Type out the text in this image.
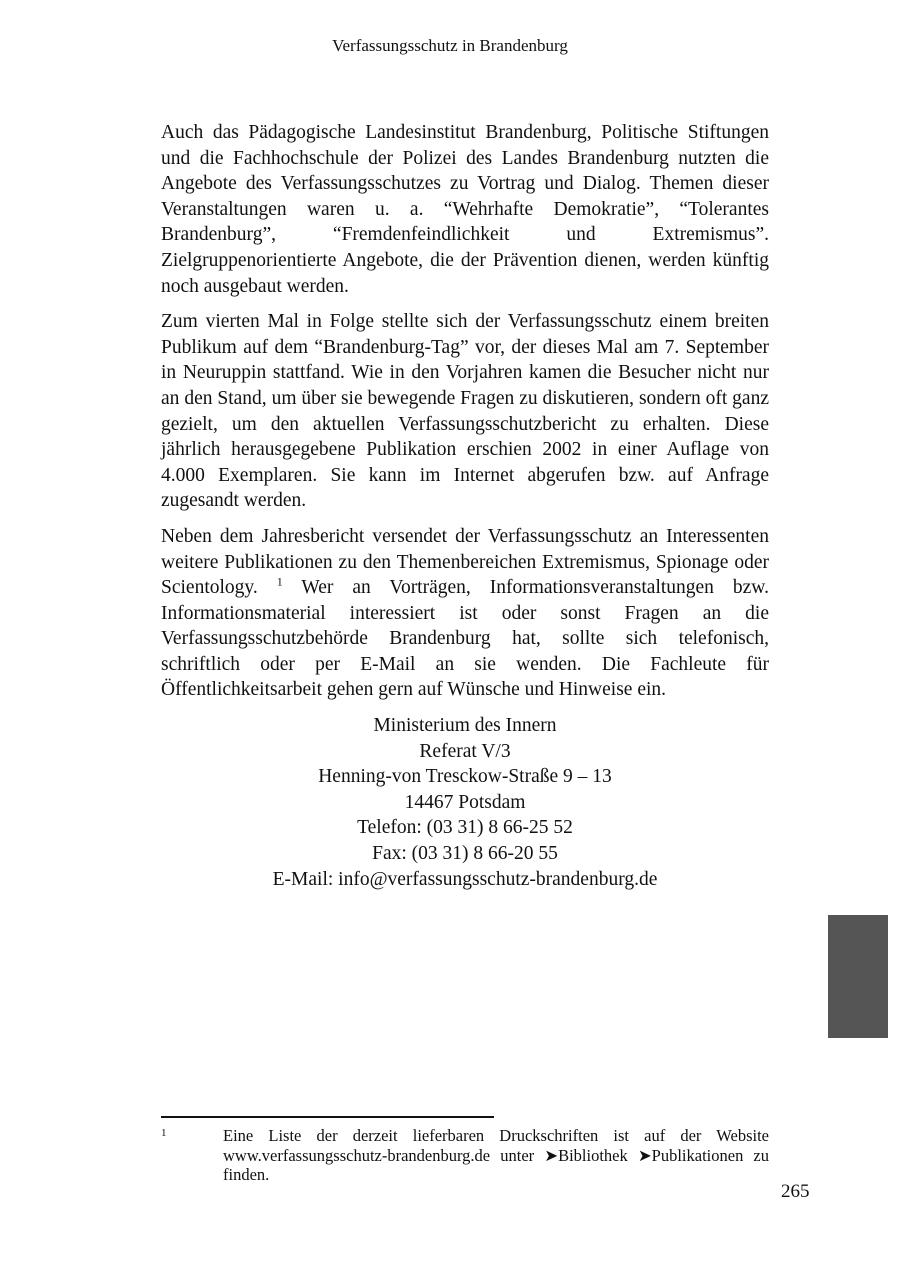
Verfassungsschutz in Brandenburg

Auch das Pädagogische Landesinstitut Brandenburg, Politische Stiftungen und die Fachhochschule der Polizei des Landes Brandenburg nutzten die Angebote des Verfassungsschutzes zu Vortrag und Dialog. Themen dieser Veranstaltungen waren u. a. “Wehrhafte Demokratie”, “Tolerantes Brandenburg”, “Fremdenfeindlichkeit und Extremismus”. Zielgruppenorientierte Angebote, die der Prävention dienen, werden künftig noch ausgebaut werden.

Zum vierten Mal in Folge stellte sich der Verfassungsschutz einem breiten Publikum auf dem “Brandenburg-Tag” vor, der dieses Mal am 7. September in Neuruppin stattfand. Wie in den Vorjahren kamen die Besucher nicht nur an den Stand, um über sie bewegende Fragen zu diskutieren, sondern oft ganz gezielt, um den aktuellen Verfassungsschutzbericht zu erhalten. Diese jährlich herausgegebene Publikation erschien 2002 in einer Auflage von 4.000 Exemplaren. Sie kann im Internet abgerufen bzw. auf Anfrage zugesandt werden.

Neben dem Jahresbericht versendet der Verfassungsschutz an Interessenten weitere Publikationen zu den Themenbereichen Extremismus, Spionage oder Scientology. $^1$ Wer an Vorträgen, Informationsveranstaltungen bzw. Informationsmaterial interessiert ist oder sonst Fragen an die Verfassungsschutzbehörde Brandenburg hat, sollte sich telefonisch, schriftlich oder per E-Mail an sie wenden. Die Fachleute für Öffentlichkeitsarbeit gehen gern auf Wünsche und Hinweise ein.

Ministerium des Innern
Referat V/3
Henning-von Tresckow-Straße 9 – 13
14467 Potsdam
Telefon: (03 31) 8 66-25 52
Fax: (03 31) 8 66-20 55
E-Mail: info@verfassungsschutz-brandenburg.de
1	Eine Liste der derzeit lieferbaren Druckschriften ist auf der Website www.verfassungsschutz-brandenburg.de unter ➤Bibliothek ➤Publikationen zu finden.
265
